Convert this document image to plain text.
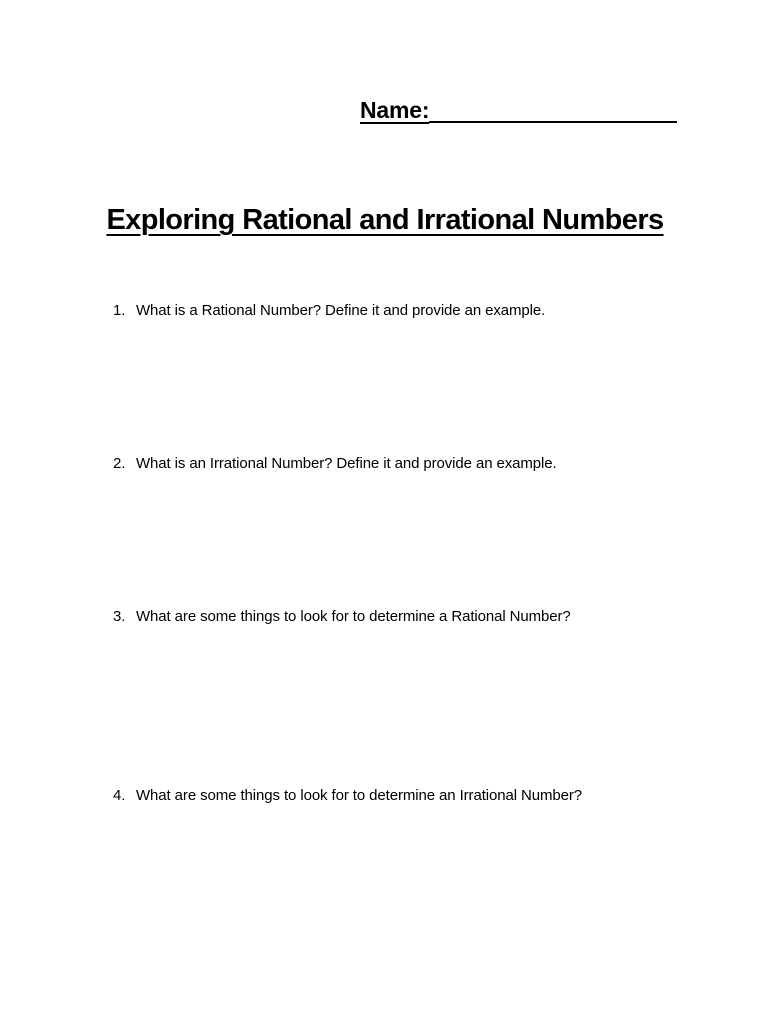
Name:
Exploring Rational and Irrational Numbers
1. What is a Rational Number? Define it and provide an example.
2. What is an Irrational Number? Define it and provide an example.
3. What are some things to look for to determine a Rational Number?
4. What are some things to look for to determine an Irrational Number?
